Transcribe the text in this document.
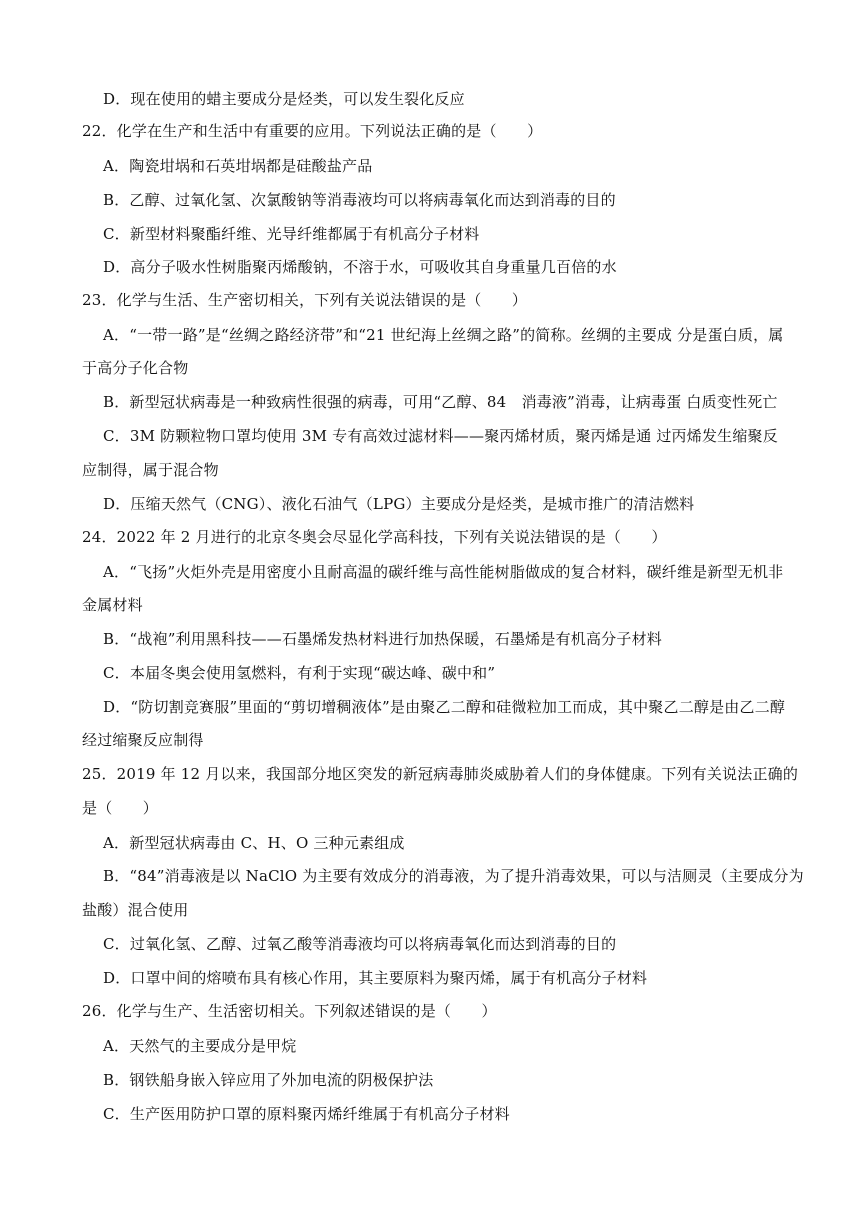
D．现在使用的蜡主要成分是烃类，可以发生裂化反应
22．化学在生产和生活中有重要的应用。下列说法正确的是（　　）
A．陶瓷坩埚和石英坩埚都是硅酸盐产品
B．乙醇、过氧化氢、次氯酸钠等消毒液均可以将病毒氧化而达到消毒的目的
C．新型材料聚酯纤维、光导纤维都属于有机高分子材料
D．高分子吸水性树脂聚丙烯酸钠，不溶于水，可吸收其自身重量几百倍的水
23．化学与生活、生产密切相关，下列有关说法错误的是（　　）
A．“一带一路”是“丝绸之路经济带”和“21 世纪海上丝绸之路”的简称。丝绸的主要成 分是蛋白质，属
于高分子化合物
B．新型冠状病毒是一种致病性很强的病毒，可用“乙醇、84　消毒液”消毒，让病毒蛋 白质变性死亡
C．3M 防颗粒物口罩均使用 3M 专有高效过滤材料——聚丙烯材质，聚丙烯是通 过丙烯发生缩聚反
应制得，属于混合物
D．压缩天然气（CNG）、液化石油气（LPG）主要成分是烃类，是城市推广的清洁燃料
24．2022 年 2 月进行的北京冬奥会尽显化学高科技，下列有关说法错误的是（　　）
A．“飞扬”火炬外壳是用密度小且耐高温的碳纤维与高性能树脂做成的复合材料，碳纤维是新型无机非
金属材料
B．“战袍”利用黑科技——石墨烯发热材料进行加热保暖，石墨烯是有机高分子材料
C．本届冬奥会使用氢燃料，有利于实现“碳达峰、碳中和”
D．“防切割竞赛服”里面的“剪切增稠液体”是由聚乙二醇和硅微粒加工而成，其中聚乙二醇是由乙二醇
经过缩聚反应制得
25．2019 年 12 月以来，我国部分地区突发的新冠病毒肺炎威胁着人们的身体健康。下列有关说法正确的
是（　　）
A．新型冠状病毒由 C、H、O 三种元素组成
B．“84”消毒液是以 NaClO 为主要有效成分的消毒液，为了提升消毒效果，可以与洁厕灵（主要成分为
盐酸）混合使用
C．过氧化氢、乙醇、过氧乙酸等消毒液均可以将病毒氧化而达到消毒的目的
D．口罩中间的熔喷布具有核心作用，其主要原料为聚丙烯，属于有机高分子材料
26．化学与生产、生活密切相关。下列叙述错误的是（　　）
A．天然气的主要成分是甲烷
B．钢铁船身嵌入锌应用了外加电流的阴极保护法
C．生产医用防护口罩的原料聚丙烯纤维属于有机高分子材料
